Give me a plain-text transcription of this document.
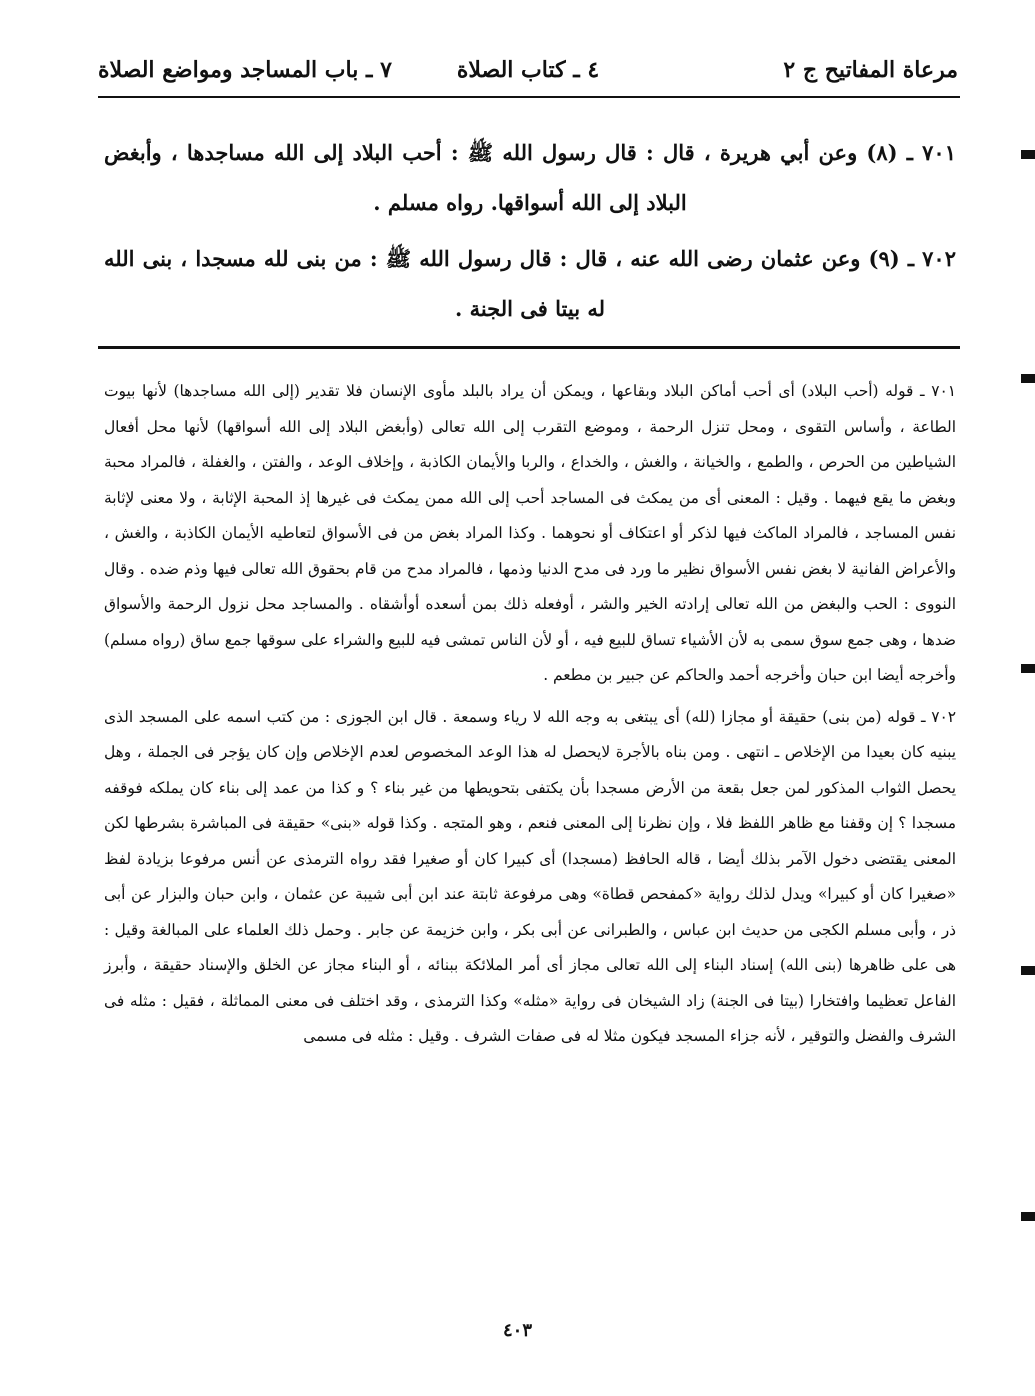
مرعاة المفاتيح ج ٢
٤ ـ كتاب الصلاة
٧ ـ باب المساجد ومواضع الصلاة

٧٠١ ـ (٨) وعن أبي هريرة ، قال : قال رسول الله ﷺ : أحب البلاد إلى الله مساجدها ، وأبغض البلاد إلى الله أسواقها. رواه مسلم .

٧٠٢ ـ (٩) وعن عثمان رضى الله عنه ، قال : قال رسول الله ﷺ : من بنى لله مسجدا ، بنى الله له بيتا فى الجنة .

٧٠١ ـ قوله (أحب البلاد) أى أحب أماكن البلاد وبقاعها ، ويمكن أن يراد بالبلد مأوى الإنسان فلا تقدير (إلى الله مساجدها) لأنها بيوت الطاعة ، وأساس التقوى ، ومحل تنزل الرحمة ، وموضع التقرب إلى الله تعالى (وأبغض البلاد إلى الله أسواقها) لأنها محل أفعال الشياطين من الحرص ، والطمع ، والخيانة ، والغش ، والخداع ، والربا والأيمان الكاذبة ، وإخلاف الوعد ، والفتن ، والغفلة ، فالمراد محبة وبغض ما يقع فيهما . وقيل : المعنى أى من يمكث فى المساجد أحب إلى الله ممن يمكث فى غيرها إذ المحبة الإثابة ، ولا معنى لإثابة نفس المساجد ، فالمراد الماكث فيها لذكر أو اعتكاف أو نحوهما . وكذا المراد بغض من فى الأسواق لتعاطيه الأيمان الكاذبة ، والغش ، والأعراض الفانية لا بغض نفس الأسواق نظير ما ورد فى مدح الدنيا وذمها ، فالمراد مدح من قام بحقوق الله تعالى فيها وذم ضده . وقال النووى : الحب والبغض من الله تعالى إرادته الخير والشر ، أوفعله ذلك بمن أسعده أوأشقاه . والمساجد محل نزول الرحمة والأسواق ضدها ، وهى جمع سوق سمى به لأن الأشياء تساق للبيع فيه ، أو لأن الناس تمشى فيه للبيع والشراء على سوقها جمع ساق (رواه مسلم) وأخرجه أيضا ابن حبان وأخرجه أحمد والحاكم عن جبير بن مطعم .

٧٠٢ ـ قوله (من بنى) حقيقة أو مجازا (لله) أى يبتغى به وجه الله لا رياء وسمعة . قال ابن الجوزى : من كتب اسمه على المسجد الذى يبنيه كان بعيدا من الإخلاص ـ انتهى . ومن بناه بالأجرة لايحصل له هذا الوعد المخصوص لعدم الإخلاص وإن كان يؤجر فى الجملة ، وهل يحصل الثواب المذكور لمن جعل بقعة من الأرض مسجدا بأن يكتفى بتحويطها من غير بناء ؟ و كذا من عمد إلى بناء كان يملكه فوقفه مسجدا ؟ إن وقفنا مع ظاهر اللفظ فلا ، وإن نظرنا إلى المعنى فنعم ، وهو المتجه . وكذا قوله «بنى» حقيقة فى المباشرة بشرطها لكن المعنى يقتضى دخول الآمر بذلك أيضا ، قاله الحافظ (مسجدا) أى كبيرا كان أو صغيرا فقد رواه الترمذى عن أنس مرفوعا بزيادة لفظ «صغيرا كان أو كبيرا» ويدل لذلك رواية «كمفحص قطاة» وهى مرفوعة ثابتة عند ابن أبى شيبة عن عثمان ، وابن حبان والبزار عن أبى ذر ، وأبى مسلم الكجى من حديث ابن عباس ، والطبرانى عن أبى بكر ، وابن خزيمة عن جابر . وحمل ذلك العلماء على المبالغة وقيل : هى على ظاهرها (بنى الله) إسناد البناء إلى الله تعالى مجاز أى أمر الملائكة ببنائه ، أو البناء مجاز عن الخلق والإسناد حقيقة ، وأبرز الفاعل تعظيما وافتخارا (بيتا فى الجنة) زاد الشيخان فى رواية «مثله» وكذا الترمذى ، وقد اختلف فى معنى المماثلة ، فقيل : مثله فى الشرف والفضل والتوقير ، لأنه جزاء المسجد فيكون مثلا له فى صفات الشرف . وقيل : مثله فى مسمى

٤٠٣
